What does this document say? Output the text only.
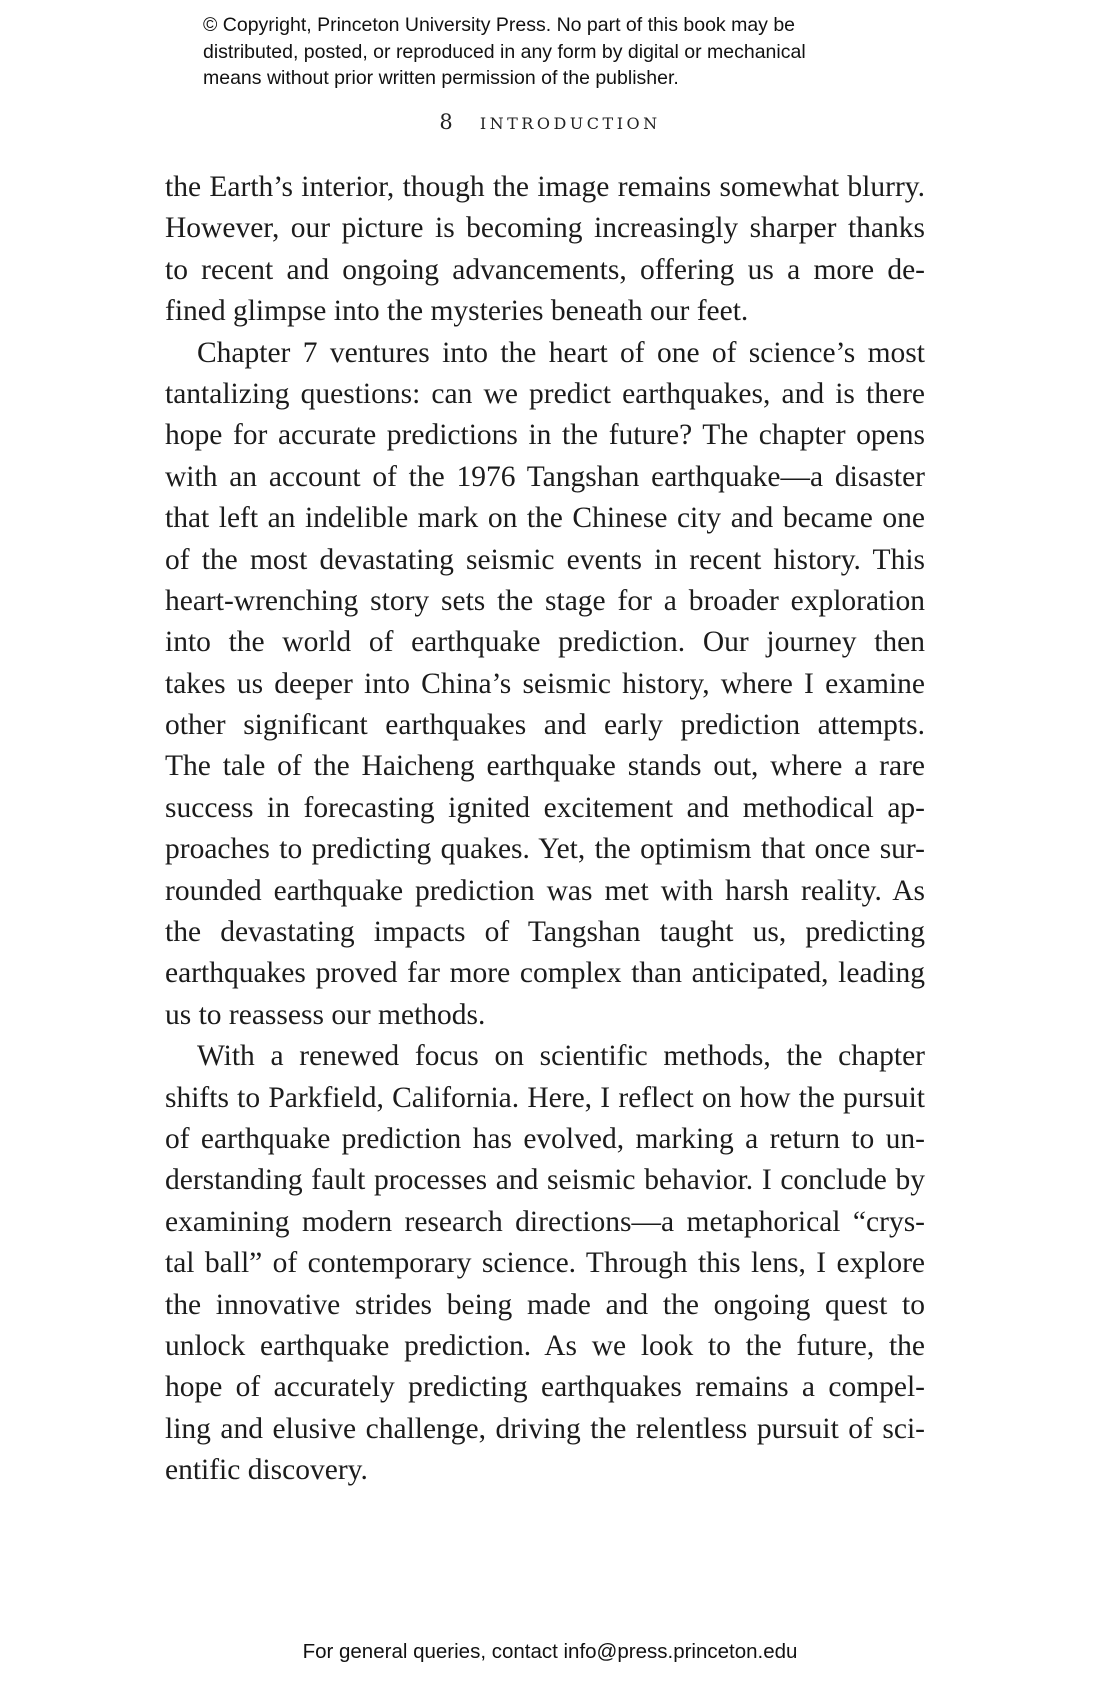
© Copyright, Princeton University Press. No part of this book may be
distributed, posted, or reproduced in any form by digital or mechanical
means without prior written permission of the publisher.
8 INTRODUCTION
the Earth’s interior, though the image remains somewhat blurry.
However, our picture is becoming increasingly sharper thanks
to recent and ongoing advancements, offering us a more de-
fined glimpse into the mysteries beneath our feet.
Chapter 7 ventures into the heart of one of science’s most
tantalizing questions: can we predict earthquakes, and is there
hope for accurate predictions in the future? The chapter opens
with an account of the 1976 Tangshan earthquake—a disaster
that left an indelible mark on the Chinese city and became one
of the most devastating seismic events in recent history. This
heart-wrenching story sets the stage for a broader exploration
into the world of earthquake prediction. Our journey then
takes us deeper into China’s seismic history, where I examine
other significant earthquakes and early prediction attempts.
The tale of the Haicheng earthquake stands out, where a rare
success in forecasting ignited excitement and methodical ap-
proaches to predicting quakes. Yet, the optimism that once sur-
rounded earthquake prediction was met with harsh reality. As
the devastating impacts of Tangshan taught us, predicting
earthquakes proved far more complex than anticipated, leading
us to reassess our methods.
With a renewed focus on scientific methods, the chapter
shifts to Parkfield, California. Here, I reflect on how the pursuit
of earthquake prediction has evolved, marking a return to un-
derstanding fault processes and seismic behavior. I conclude by
examining modern research directions—a metaphorical “crys-
tal ball” of contemporary science. Through this lens, I explore
the innovative strides being made and the ongoing quest to
unlock earthquake prediction. As we look to the future, the
hope of accurately predicting earthquakes remains a compel-
ling and elusive challenge, driving the relentless pursuit of sci-
entific discovery.
For general queries, contact info@press.princeton.edu
